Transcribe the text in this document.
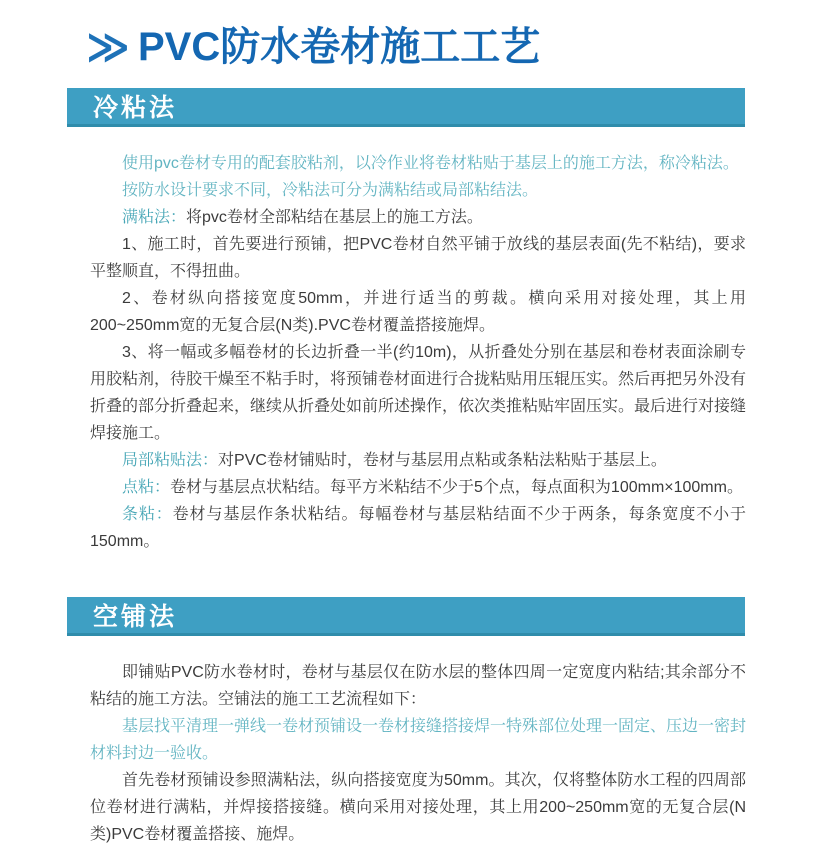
≫ PVC防水卷材施工工艺
冷粘法

使用pvc卷材专用的配套胶粘剂，以冷作业将卷材粘贴于基层上的施工方法，称冷粘法。

按防水设计要求不同，冷粘法可分为满粘结或局部粘结法。

满粘法：将pvc卷材全部粘结在基层上的施工方法。

1、施工时，首先要进行预铺，把PVC卷材自然平铺于放线的基层表面(先不粘结)，要求平整顺直，不得扭曲。

2、卷材纵向搭接宽度50mm，并进行适当的剪裁。横向采用对接处理，其上用200~250mm宽的无复合层(N类).PVC卷材覆盖搭接施焊。

3、将一幅或多幅卷材的长边折叠一半(约10m)，从折叠处分别在基层和卷材表面涂刷专用胶粘剂，待胶干燥至不粘手时，将预铺卷材面进行合拢粘贴用压辊压实。然后再把另外没有折叠的部分折叠起来，继续从折叠处如前所述操作，依次类推粘贴牢固压实。最后进行对接缝焊接施工。

局部粘贴法：对PVC卷材铺贴时，卷材与基层用点粘或条粘法粘贴于基层上。

点粘：卷材与基层点状粘结。每平方米粘结不少于5个点，每点面积为100mm×100mm。

条粘：卷材与基层作条状粘结。每幅卷材与基层粘结面不少于两条，每条宽度不小于150mm。

空铺法

即铺贴PVC防水卷材时，卷材与基层仅在防水层的整体四周一定宽度内粘结;其余部分不粘结的施工方法。空铺法的施工工艺流程如下：

基层找平清理一弹线一卷材预铺设一卷材接缝搭接焊一特殊部位处理一固定、压边一密封材料封边一验收。

首先卷材预铺设参照满粘法，纵向搭接宽度为50mm。其次，仅将整体防水工程的四周部位卷材进行满粘，并焊接搭接缝。横向采用对接处理，其上用200~250mm宽的无复合层(N类)PVC卷材覆盖搭接、施焊。
